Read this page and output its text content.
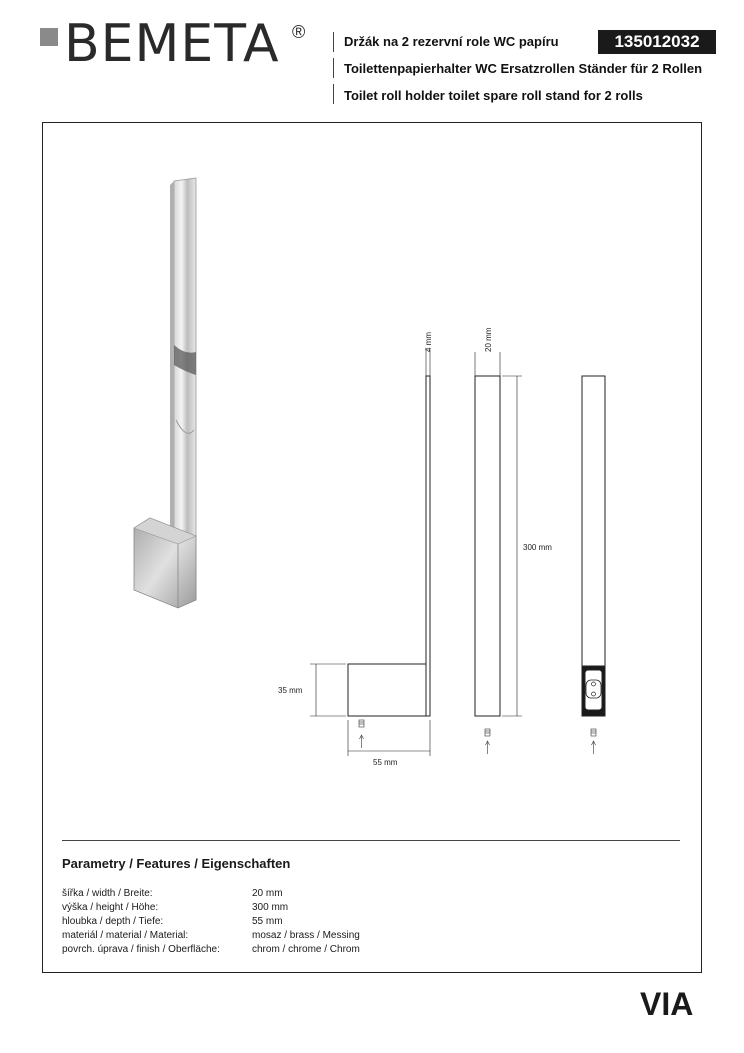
BEMETA ®	Držák na 2 rezervní role WC papíru
Toilettenpapierhalter WC Ersatzrollen Ständer für 2 Rollen
Toilet roll holder toilet spare roll stand for 2 rolls
135012032
4 mm
35 mm
55 mm
20 mm
300 mm
Parametry / Features / Eigenschaften
šířka / width / Breite:	20 mm
výška / height / Höhe:	300 mm
hloubka / depth / Tiefe:	55 mm
materiál / material / Material:	mosaz / brass / Messing
povrch. úprava / finish / Oberfläche:	chrom / chrome / Chrom
VIA
